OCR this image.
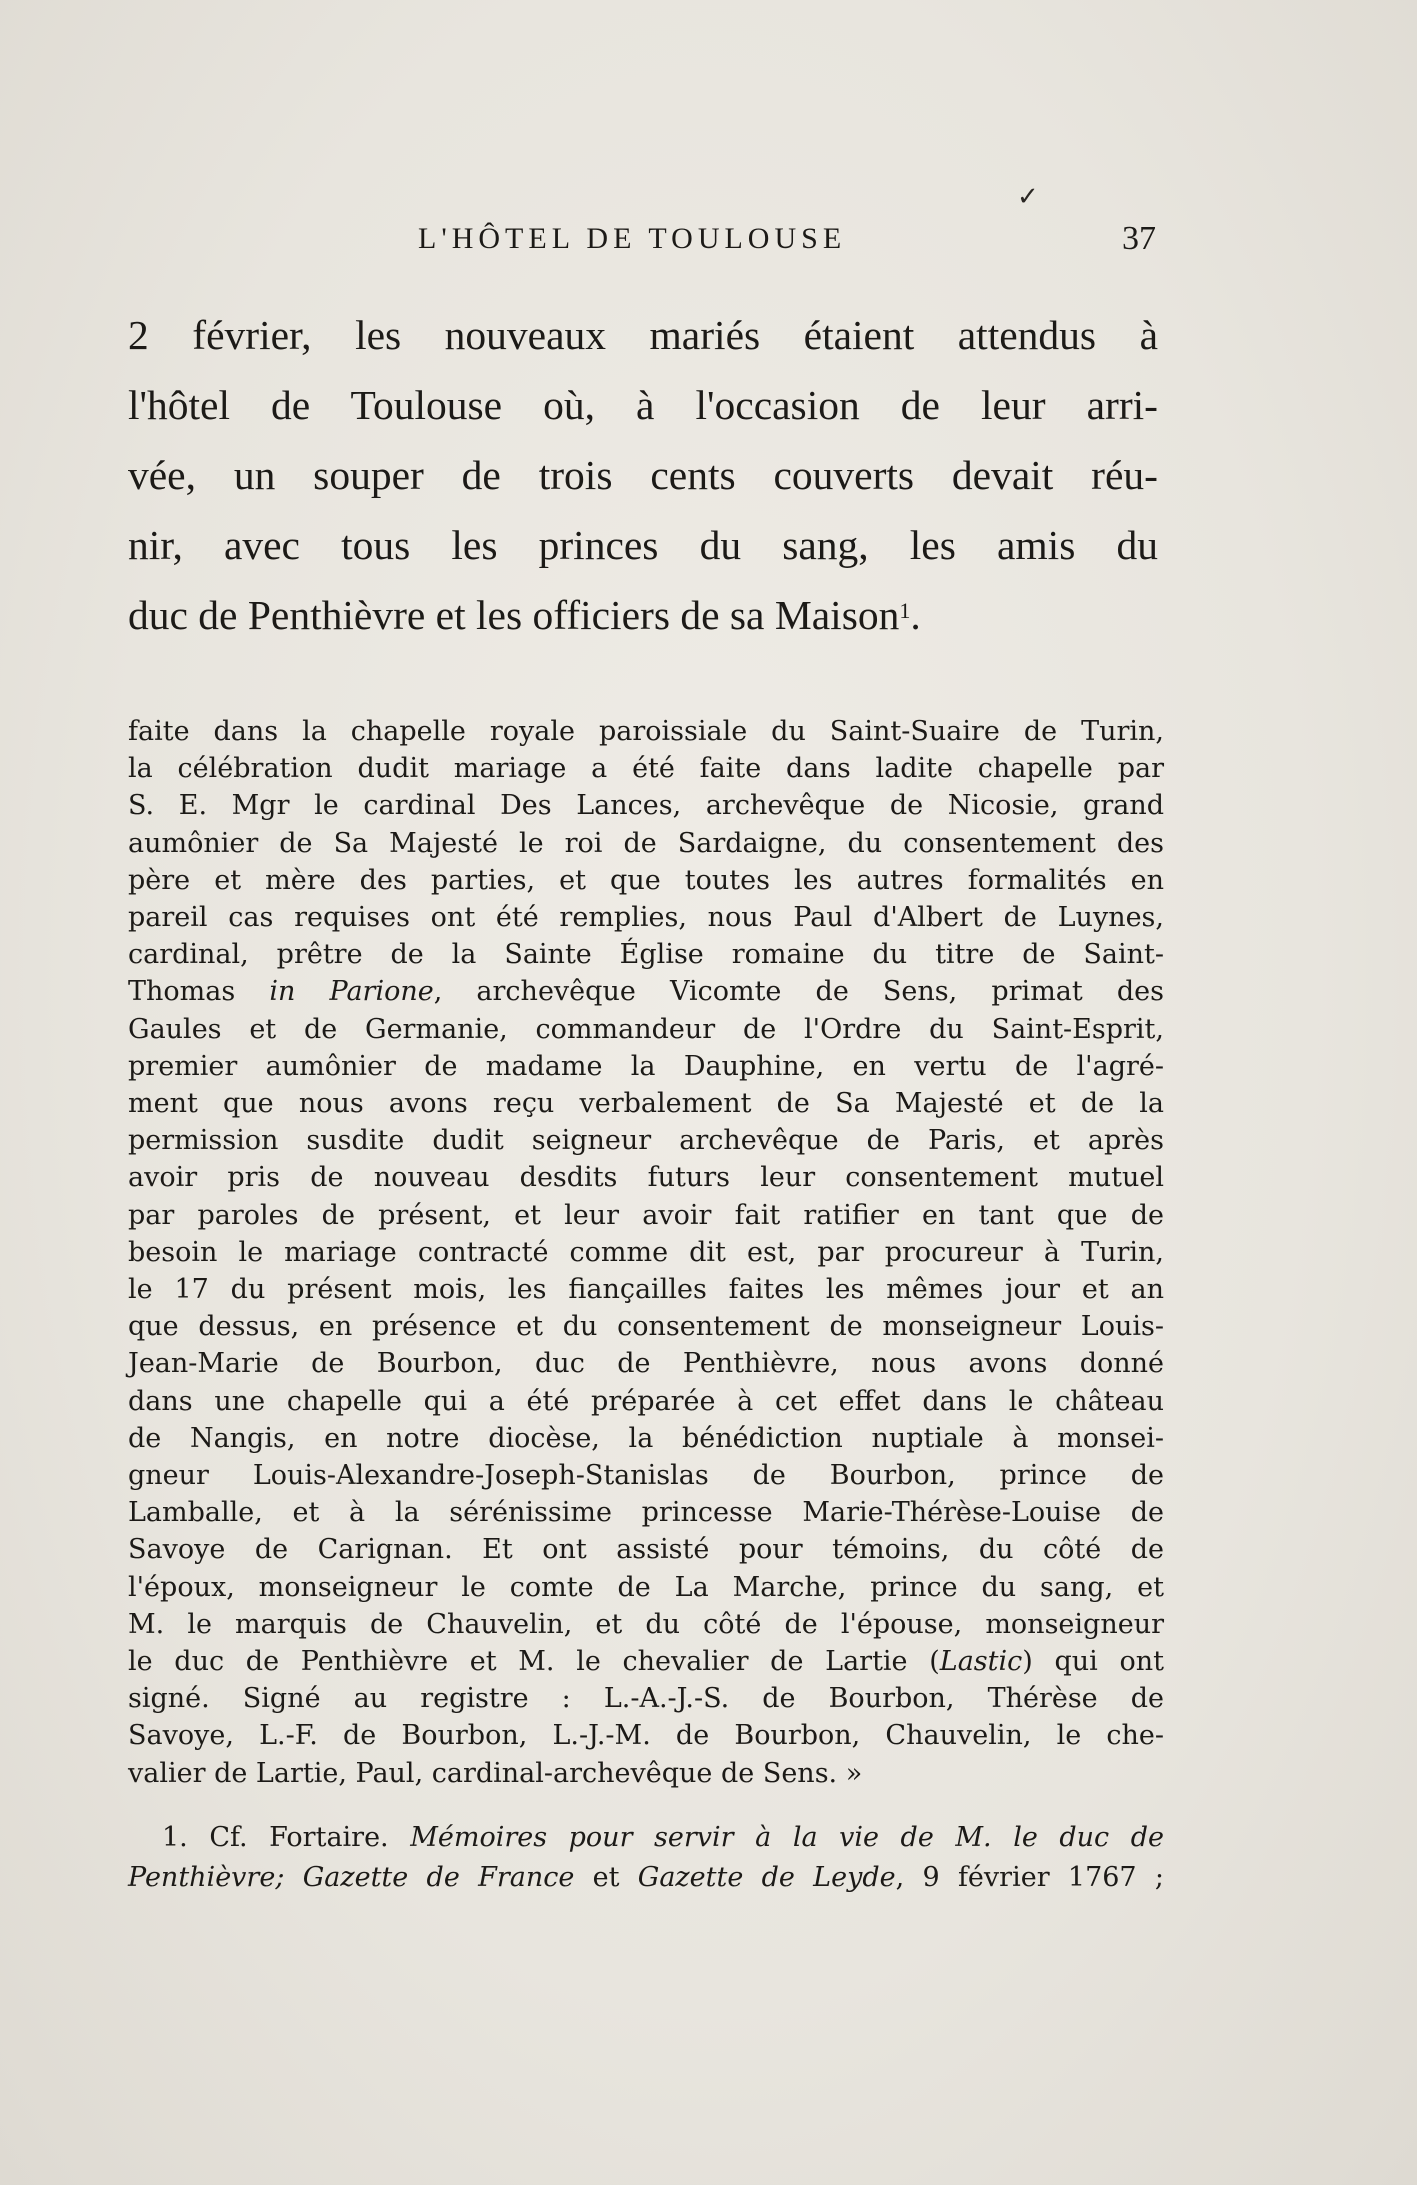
✓
L'HÔTEL DE TOULOUSE	37
2 février, les nouveaux mariés étaient attendus à
l'hôtel de Toulouse où, à l'occasion de leur arri-
vée, un souper de trois cents couverts devait réu-
nir, avec tous les princes du sang, les amis du
duc de Penthièvre et les officiers de sa Maison$^1$.
faite dans la chapelle royale paroissiale du Saint-Suaire de Turin,
la célébration dudit mariage a été faite dans ladite chapelle par
S. E. Mgr le cardinal Des Lances, archevêque de Nicosie, grand
aumônier de Sa Majesté le roi de Sardaigne, du consentement des
père et mère des parties, et que toutes les autres formalités en
pareil cas requises ont été remplies, nous Paul d'Albert de Luynes,
cardinal, prêtre de la Sainte Église romaine du titre de Saint-
Thomas in Parione, archevêque Vicomte de Sens, primat des
Gaules et de Germanie, commandeur de l'Ordre du Saint-Esprit,
premier aumônier de madame la Dauphine, en vertu de l'agré-
ment que nous avons reçu verbalement de Sa Majesté et de la
permission susdite dudit seigneur archevêque de Paris, et après
avoir pris de nouveau desdits futurs leur consentement mutuel
par paroles de présent, et leur avoir fait ratifier en tant que de
besoin le mariage contracté comme dit est, par procureur à Turin,
le 17 du présent mois, les fiançailles faites les mêmes jour et an
que dessus, en présence et du consentement de monseigneur Louis-
Jean-Marie de Bourbon, duc de Penthièvre, nous avons donné
dans une chapelle qui a été préparée à cet effet dans le château
de Nangis, en notre diocèse, la bénédiction nuptiale à monsei-
gneur Louis-Alexandre-Joseph-Stanislas de Bourbon, prince de
Lamballe, et à la sérénissime princesse Marie-Thérèse-Louise de
Savoye de Carignan. Et ont assisté pour témoins, du côté de
l'époux, monseigneur le comte de La Marche, prince du sang, et
M. le marquis de Chauvelin, et du côté de l'épouse, monseigneur
le duc de Penthièvre et M. le chevalier de Lartie (Lastic) qui ont
signé. Signé au registre : L.-A.-J.-S. de Bourbon, Thérèse de
Savoye, L.-F. de Bourbon, L.-J.-M. de Bourbon, Chauvelin, le che-
valier de Lartie, Paul, cardinal-archevêque de Sens. »
1. Cf. Fortaire. Mémoires pour servir à la vie de M. le duc de
Penthièvre; Gazette de France et Gazette de Leyde, 9 février 1767 ;
